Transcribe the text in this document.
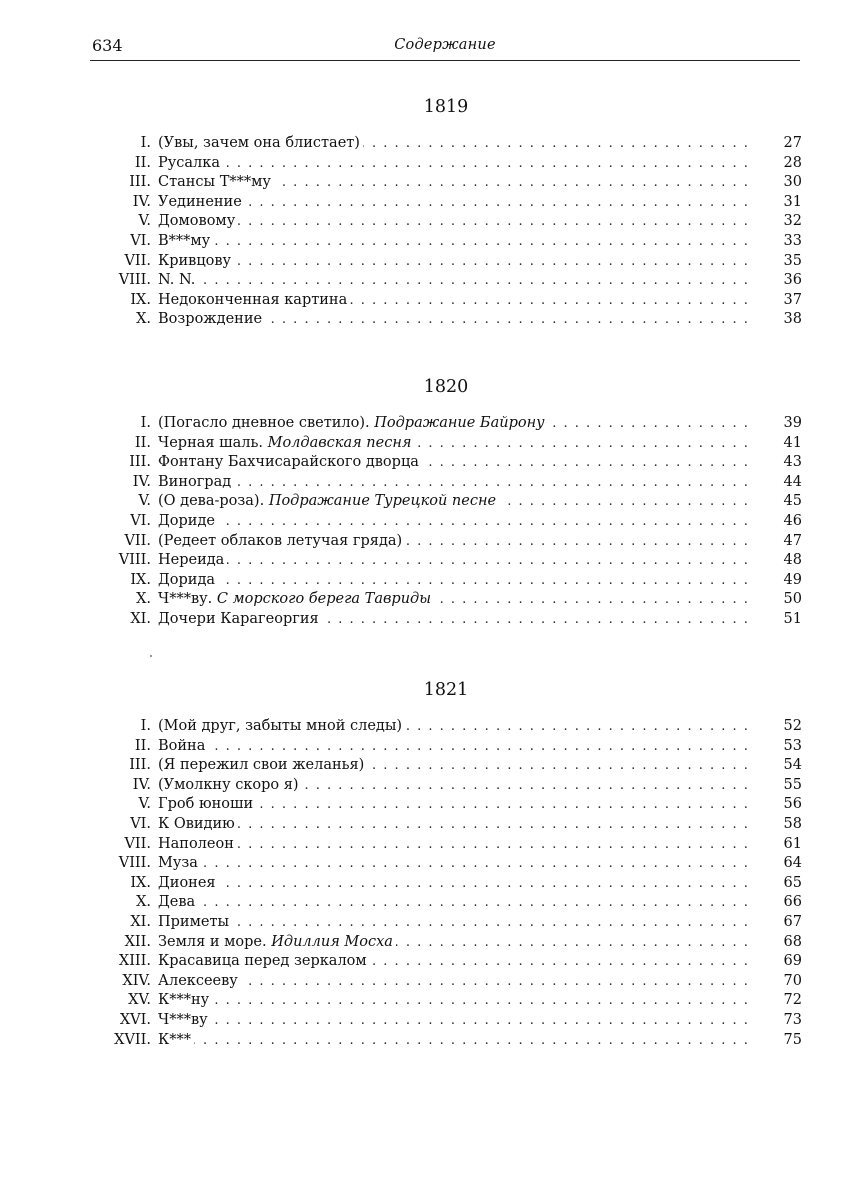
634	Содержание
1819
I. (Увы, зачем она блистает) . . .	27
II. Русалка . . .	28
III. Стансы Т***му . . .	30
IV. Уединение . . .	31
V. Домовому . . .	32
VI. В***му . . .	33
VII. Кривцову . . .	35
VIII. N. N. . . .	36
IX. Недоконченная картина . . .	37
X. Возрождение . . .	38
1820
I. (Погасло дневное светило). Подражание Байрону . . .	39
II. Черная шаль. Молдавская песня . . .	41
III. Фонтану Бахчисарайского дворца . . .	43
IV. Виноград . . .	44
V. (О дева-роза). Подражание Турецкой песне . . .	45
VI. Дориде . . .	46
VII. (Редеет облаков летучая гряда) . . .	47
VIII. Нереида . . .	48
IX. Дорида . . .	49
X. Ч***ву. С морского берега Тавриды . . .	50
XI. Дочери Карагеоргия . . .	51
1821
I. (Мой друг, забыты мной следы) . . .	52
II. Война . . .	53
III. (Я пережил свои желанья) . . .	54
IV. (Умолкну скоро я) . . .	55
V. Гроб юноши . . .	56
VI. К Овидию . . .	58
VII. Наполеон . . .	61
VIII. Муза . . .	64
IX. Дионея . . .	65
X. Дева . . .	66
XI. Приметы . . .	67
XII. Земля и море. Идиллия Мосха . . .	68
XIII. Красавица перед зеркалом . . .	69
XIV. Алексееву . . .	70
XV. К***ну . . .	72
XVI. Ч***ву . . .	73
XVII. К*** . . .	75
